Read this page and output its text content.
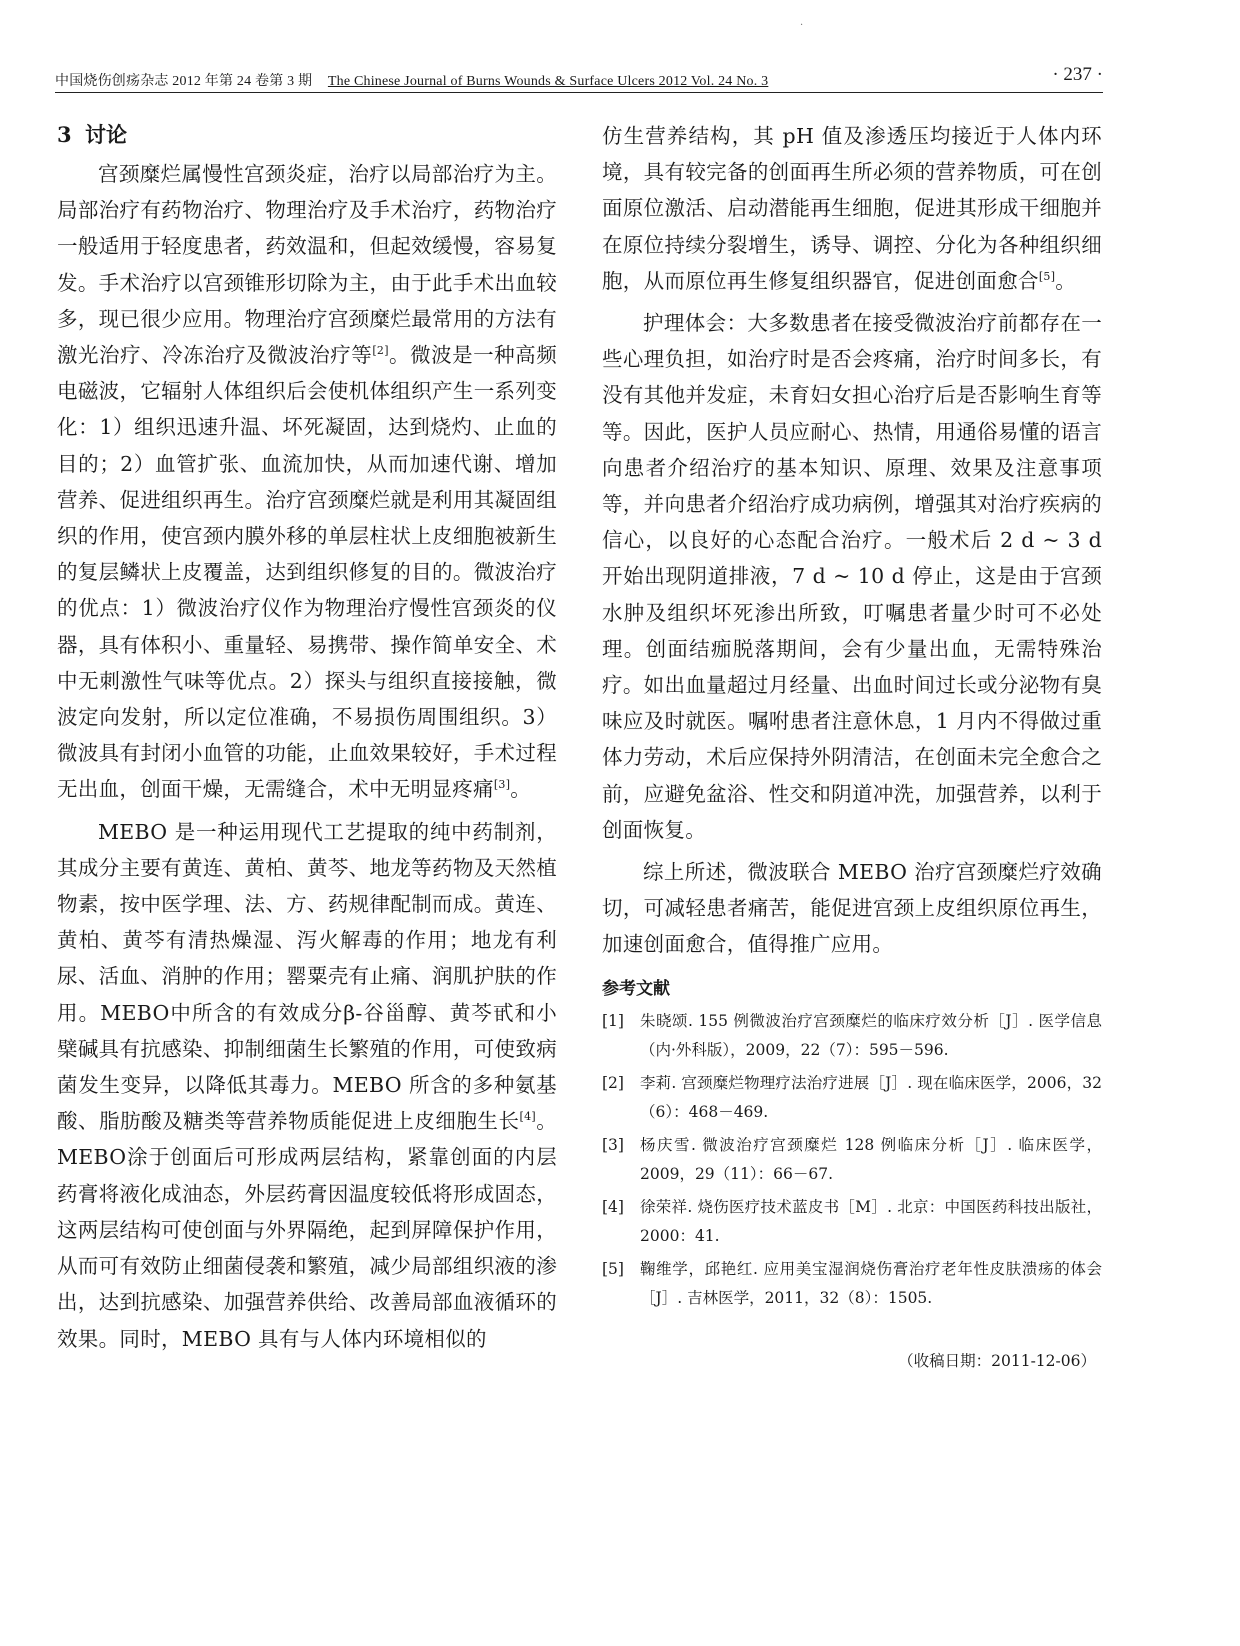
·
中国烧伤创疡杂志 2012 年第 24 卷第 3 期 The Chinese Journal of Burns Wounds & Surface Ulcers 2012 Vol. 24 No. 3	· 237 ·
3 讨论

宫颈糜烂属慢性宫颈炎症，治疗以局部治疗为主。局部治疗有药物治疗、物理治疗及手术治疗，药物治疗一般适用于轻度患者，药效温和，但起效缓慢，容易复发。手术治疗以宫颈锥形切除为主，由于此手术出血较多，现已很少应用。物理治疗宫颈糜烂最常用的方法有激光治疗、冷冻治疗及微波治疗等[2]。微波是一种高频电磁波，它辐射人体组织后会使机体组织产生一系列变化：1）组织迅速升温、坏死凝固，达到烧灼、止血的目的；2）血管扩张、血流加快，从而加速代谢、增加营养、促进组织再生。治疗宫颈糜烂就是利用其凝固组织的作用，使宫颈内膜外移的单层柱状上皮细胞被新生的复层鳞状上皮覆盖，达到组织修复的目的。微波治疗的优点：1）微波治疗仪作为物理治疗慢性宫颈炎的仪器，具有体积小、重量轻、易携带、操作简单安全、术中无刺激性气味等优点。2）探头与组织直接接触，微波定向发射，所以定位准确，不易损伤周围组织。3）微波具有封闭小血管的功能，止血效果较好，手术过程无出血，创面干燥，无需缝合，术中无明显疼痛[3]。

MEBO 是一种运用现代工艺提取的纯中药制剂，其成分主要有黄连、黄柏、黄芩、地龙等药物及天然植物素，按中医学理、法、方、药规律配制而成。黄连、黄柏、黄芩有清热燥湿、泻火解毒的作用；地龙有利尿、活血、消肿的作用；罂粟壳有止痛、润肌护肤的作用。MEBO中所含的有效成分β-谷甾醇、黄芩甙和小檗碱具有抗感染、抑制细菌生长繁殖的作用，可使致病菌发生变异，以降低其毒力。MEBO 所含的多种氨基酸、脂肪酸及糖类等营养物质能促进上皮细胞生长[4]。MEBO涂于创面后可形成两层结构，紧靠创面的内层药膏将液化成油态，外层药膏因温度较低将形成固态，这两层结构可使创面与外界隔绝，起到屏障保护作用，从而可有效防止细菌侵袭和繁殖，减少局部组织液的渗出，达到抗感染、加强营养供给、改善局部血液循环的效果。同时，MEBO 具有与人体内环境相似的

仿生营养结构，其 pH 值及渗透压均接近于人体内环境，具有较完备的创面再生所必须的营养物质，可在创面原位激活、启动潜能再生细胞，促进其形成干细胞并在原位持续分裂增生，诱导、调控、分化为各种组织细胞，从而原位再生修复组织器官，促进创面愈合[5]。

护理体会：大多数患者在接受微波治疗前都存在一些心理负担，如治疗时是否会疼痛，治疗时间多长，有没有其他并发症，未育妇女担心治疗后是否影响生育等等。因此，医护人员应耐心、热情，用通俗易懂的语言向患者介绍治疗的基本知识、原理、效果及注意事项等，并向患者介绍治疗成功病例，增强其对治疗疾病的信心，以良好的心态配合治疗。一般术后 2 d ~ 3 d 开始出现阴道排液，7 d ~ 10 d 停止，这是由于宫颈水肿及组织坏死渗出所致，叮嘱患者量少时可不必处理。创面结痂脱落期间，会有少量出血，无需特殊治疗。如出血量超过月经量、出血时间过长或分泌物有臭味应及时就医。嘱咐患者注意休息，1 月内不得做过重体力劳动，术后应保持外阴清洁，在创面未完全愈合之前，应避免盆浴、性交和阴道冲洗，加强营养，以利于创面恢复。

综上所述，微波联合 MEBO 治疗宫颈糜烂疗效确切，可减轻患者痛苦，能促进宫颈上皮组织原位再生，加速创面愈合，值得推广应用。

参考文献
[1] 朱晓颂. 155 例微波治疗宫颈糜烂的临床疗效分析［J］. 医学信息（内·外科版），2009，22（7）：595－596.
[2] 李莉. 宫颈糜烂物理疗法治疗进展［J］. 现在临床医学，2006，32（6）：468－469.
[3] 杨庆雪. 微波治疗宫颈糜烂 128 例临床分析［J］. 临床医学，2009，29（11）：66－67.
[4] 徐荣祥. 烧伤医疗技术蓝皮书［M］. 北京：中国医药科技出版社，2000：41.
[5] 鞠维学，邱艳红. 应用美宝湿润烧伤膏治疗老年性皮肤溃疡的体会［J］. 吉林医学，2011，32（8）：1505.
（收稿日期：2011-12-06）
